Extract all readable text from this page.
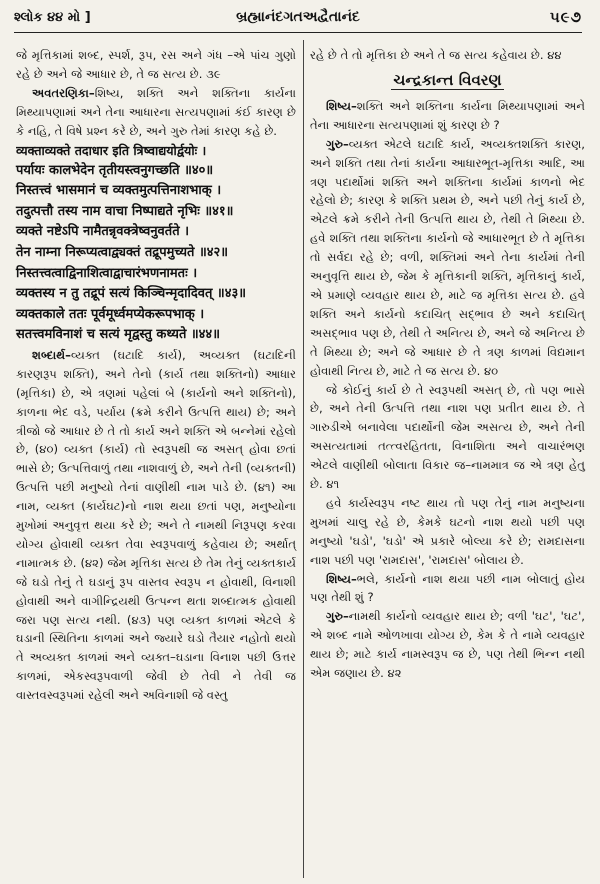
શ્લોક ૪૪ મો ]	બ્રહ્માનંદગતઅદ્વૈતાનંદ	૫૯૭

જે મૃત્તિકામાં શબ્દ, સ્પર્શ, રૂપ, રસ અને ગંધ –એ પાંચ ગુણો રહે છે અને જે આધાર છે, તે જ સત્ય છે. ૩૯

અવતરણિકા–શિષ્ય, શક્તિ અને શક્તિના કાર્યના મિથ્યાપણામાં અને તેના આધારના સત્યપણામાં કંઈ કારણ છે કે નહિ, તે વિષે પ્રશ્ન કરે છે, અને ગુરુ તેમાં કારણ કહે છે.

व्यक्ताव्यक्ते तदाधार इति त्रिष्वाद्ययोर्द्वयोः ।

पर्यायः कालभेदेन तृतीयस्त्वनुगच्छति ॥४०॥

निस्तत्त्वं भासमानं च व्यक्तमुत्पत्तिनाशभाक् ।

तदुत्पत्तौ तस्य नाम वाचा निष्पाद्यते नृभिः ॥४१॥

व्यक्ते नष्टेऽपि नामैतन्नृवक्त्रेष्वनुवर्तते ।

तेन नाम्ना निरूप्यत्वाद्व्यक्तं तद्रूपमुच्यते ॥४२॥

निस्तत्त्वत्वाद्विनाशित्वाद्वाचारंभणनामतः ।

व्यक्तस्य न तु तद्रूपं सत्यं किञ्चिन्मृदादिवत् ॥४३॥

व्यक्तकाले ततः पूर्वमूर्ध्वमप्येकरूपभाक् ।

सतत्त्वमविनाशं च सत्यं मृद्वस्तु कथ्यते ॥४४॥

શબ્દાર્થ–વ્યક્ત (ઘટાદિ કાર્ય), અવ્યક્ત (ઘટાદિની કારણરૂપ શક્તિ), અને તેનો (કાર્ય તથા શક્તિનો) આધાર (મૃત્તિકા) છે, એ ત્રણમાં પહેલાં બે (કાર્યનો અને શક્તિનો), કાળના ભેદ વડે, પર્યાય (ક્રમે કરીને ઉત્પત્તિ થાય) છે; અને ત્રીજો જે આધાર છે તે તો કાર્ય અને શક્તિ એ બન્નેમાં રહેલો છે, (૪૦) વ્યક્ત (કાર્ય) તો સ્વરૂપથી જ અસત્ હોવા છતાં ભાસે છે; ઉત્પત્તિવાળું તથા નાશવાળું છે, અને તેની (વ્યક્તની) ઉત્પત્તિ પછી મનુષ્યો તેનાં વાણીથી નામ પાડે છે. (૪૧) આ નામ, વ્યક્ત (કાર્યઘટ)નો નાશ થયા છતાં પણ, મનુષ્યોના મુખોમાં અનુવૃત્ત થયા કરે છે; અને તે નામથી નિરૂપણ કરવા યોગ્ય હોવાથી વ્યક્ત તેવા સ્વરૂપવાળું કહેવાય છે; અર્થાત્ નામાત્મક છે. (૪૨) જેમ મૃત્તિકા સત્ય છે તેમ તેનું વ્યક્તકાર્ય જે ઘડો તેનું તે ઘડાનું રૂપ વાસ્તવ સ્વરૂપ ન હોવાથી, વિનાશી હોવાથી અને વાગીન્દ્રિયથી ઉત્પન્ન થતા શબ્દાત્મક હોવાથી જરા પણ સત્ય નથી. (૪૩) પણ વ્યક્ત કાળમાં એટલે કે ઘડાની સ્થિતિના કાળમાં અને જ્યારે ઘડો તૈયાર નહોતો થયો તે અવ્યક્ત કાળમાં અને વ્યક્ત–ઘડાના વિનાશ પછી ઉત્તર કાળમાં, એકસ્વરૂપવાળી જેવી છે તેવી ને તેવી જ વાસ્તવસ્વરૂપમાં રહેલી અને અવિનાશી જે વસ્તુ

રહે છે તે તો મૃત્તિકા છે અને તે જ સત્ય કહેવાય છે. ૪૪

ચન્દ્રકાન્ત વિવરણ

શિષ્ય–શક્તિ અને શક્તિના કાર્યના મિથ્યાપણામાં અને તેના આધારના સત્યપણામાં શું કારણ છે ?

ગુરુ–વ્યક્ત એટલે ઘટાદિ કાર્ય, અવ્યક્તશક્તિ કારણ, અને શક્તિ તથા તેનાં કાર્યના આધારભૂત-મૃત્તિકા આદિ, આ ત્રણ પદાર્થોમાં શક્તિ અને શક્તિના કાર્યમાં કાળનો ભેદ રહેલો છે; કારણ કે શક્તિ પ્રથમ છે, અને પછી તેનું કાર્ય છે, એટલે ક્રમે કરીને તેની ઉત્પત્તિ થાય છે, તેથી તે મિથ્યા છે. હવે શક્તિ તથા શક્તિના કાર્યનો જે આધારભૂત છે તે મૃત્તિકા તો સર્વદા રહે છે; વળી, શક્તિમાં અને તેના કાર્યમાં તેની અનુવૃત્તિ થાય છે, જેમ કે મૃત્તિકાની શક્તિ, મૃત્તિકાનું કાર્ય, એ પ્રમાણે વ્યવહાર થાય છે, માટે જ મૃત્તિકા સત્ય છે. હવે શક્તિ અને કાર્યનો કદાચિત્ સદ્ભાવ છે અને કદાચિત્ અસદ્ભાવ પણ છે, તેથી તે અનિત્ય છે, અને જે અનિત્ય છે તે મિથ્યા છે; અને જે આધાર છે તે ત્રણ કાળમાં વિદ્યમાન હોવાથી નિત્ય છે, માટે તે જ સત્ય છે. ૪૦

જે કોઈનું કાર્ય છે તે સ્વરૂપથી અસત્ છે, તો પણ ભાસે છે, અને તેની ઉત્પત્તિ તથા નાશ પણ પ્રતીત થાય છે. તે ગારુડીએ બનાવેલા પદાર્થોની જેમ અસત્ય છે, અને તેની અસત્યતામાં તત્ત્વરહિતતા, વિનાશિતા અને વાચારંભણ એટલે વાણીથી બોલાતા વિકાર જ–નામમાત્ર જ એ ત્રણ હેતુ છે. ૪૧

હવે કાર્યસ્વરૂપ નષ્ટ થાય તો પણ તેનું નામ મનુષ્યના મુખમાં ચાલુ રહે છે, કેમકે ઘટનો નાશ થયો પછી પણ મનુષ્યો 'ઘડો', 'ઘડો' એ પ્રકારે બોલ્યા કરે છે; રામદાસના નાશ પછી પણ 'રામદાસ', 'રામદાસ' બોલાય છે.

શિષ્ય–ભલે, કાર્યનો નાશ થયા પછી નામ બોલાતું હોય પણ તેથી શું ?

ગુરુ–નામથી કાર્યનો વ્યવહાર થાય છે; વળી 'ઘટ', 'ઘટ', એ શબ્દ નામે ઓળખાવા યોગ્ય છે, કેમ કે તે નામે વ્યવહાર થાય છે; માટે કાર્ય નામસ્વરૂપ જ છે, પણ તેથી ભિન્ન નથી એમ જણાય છે. ૪૨
